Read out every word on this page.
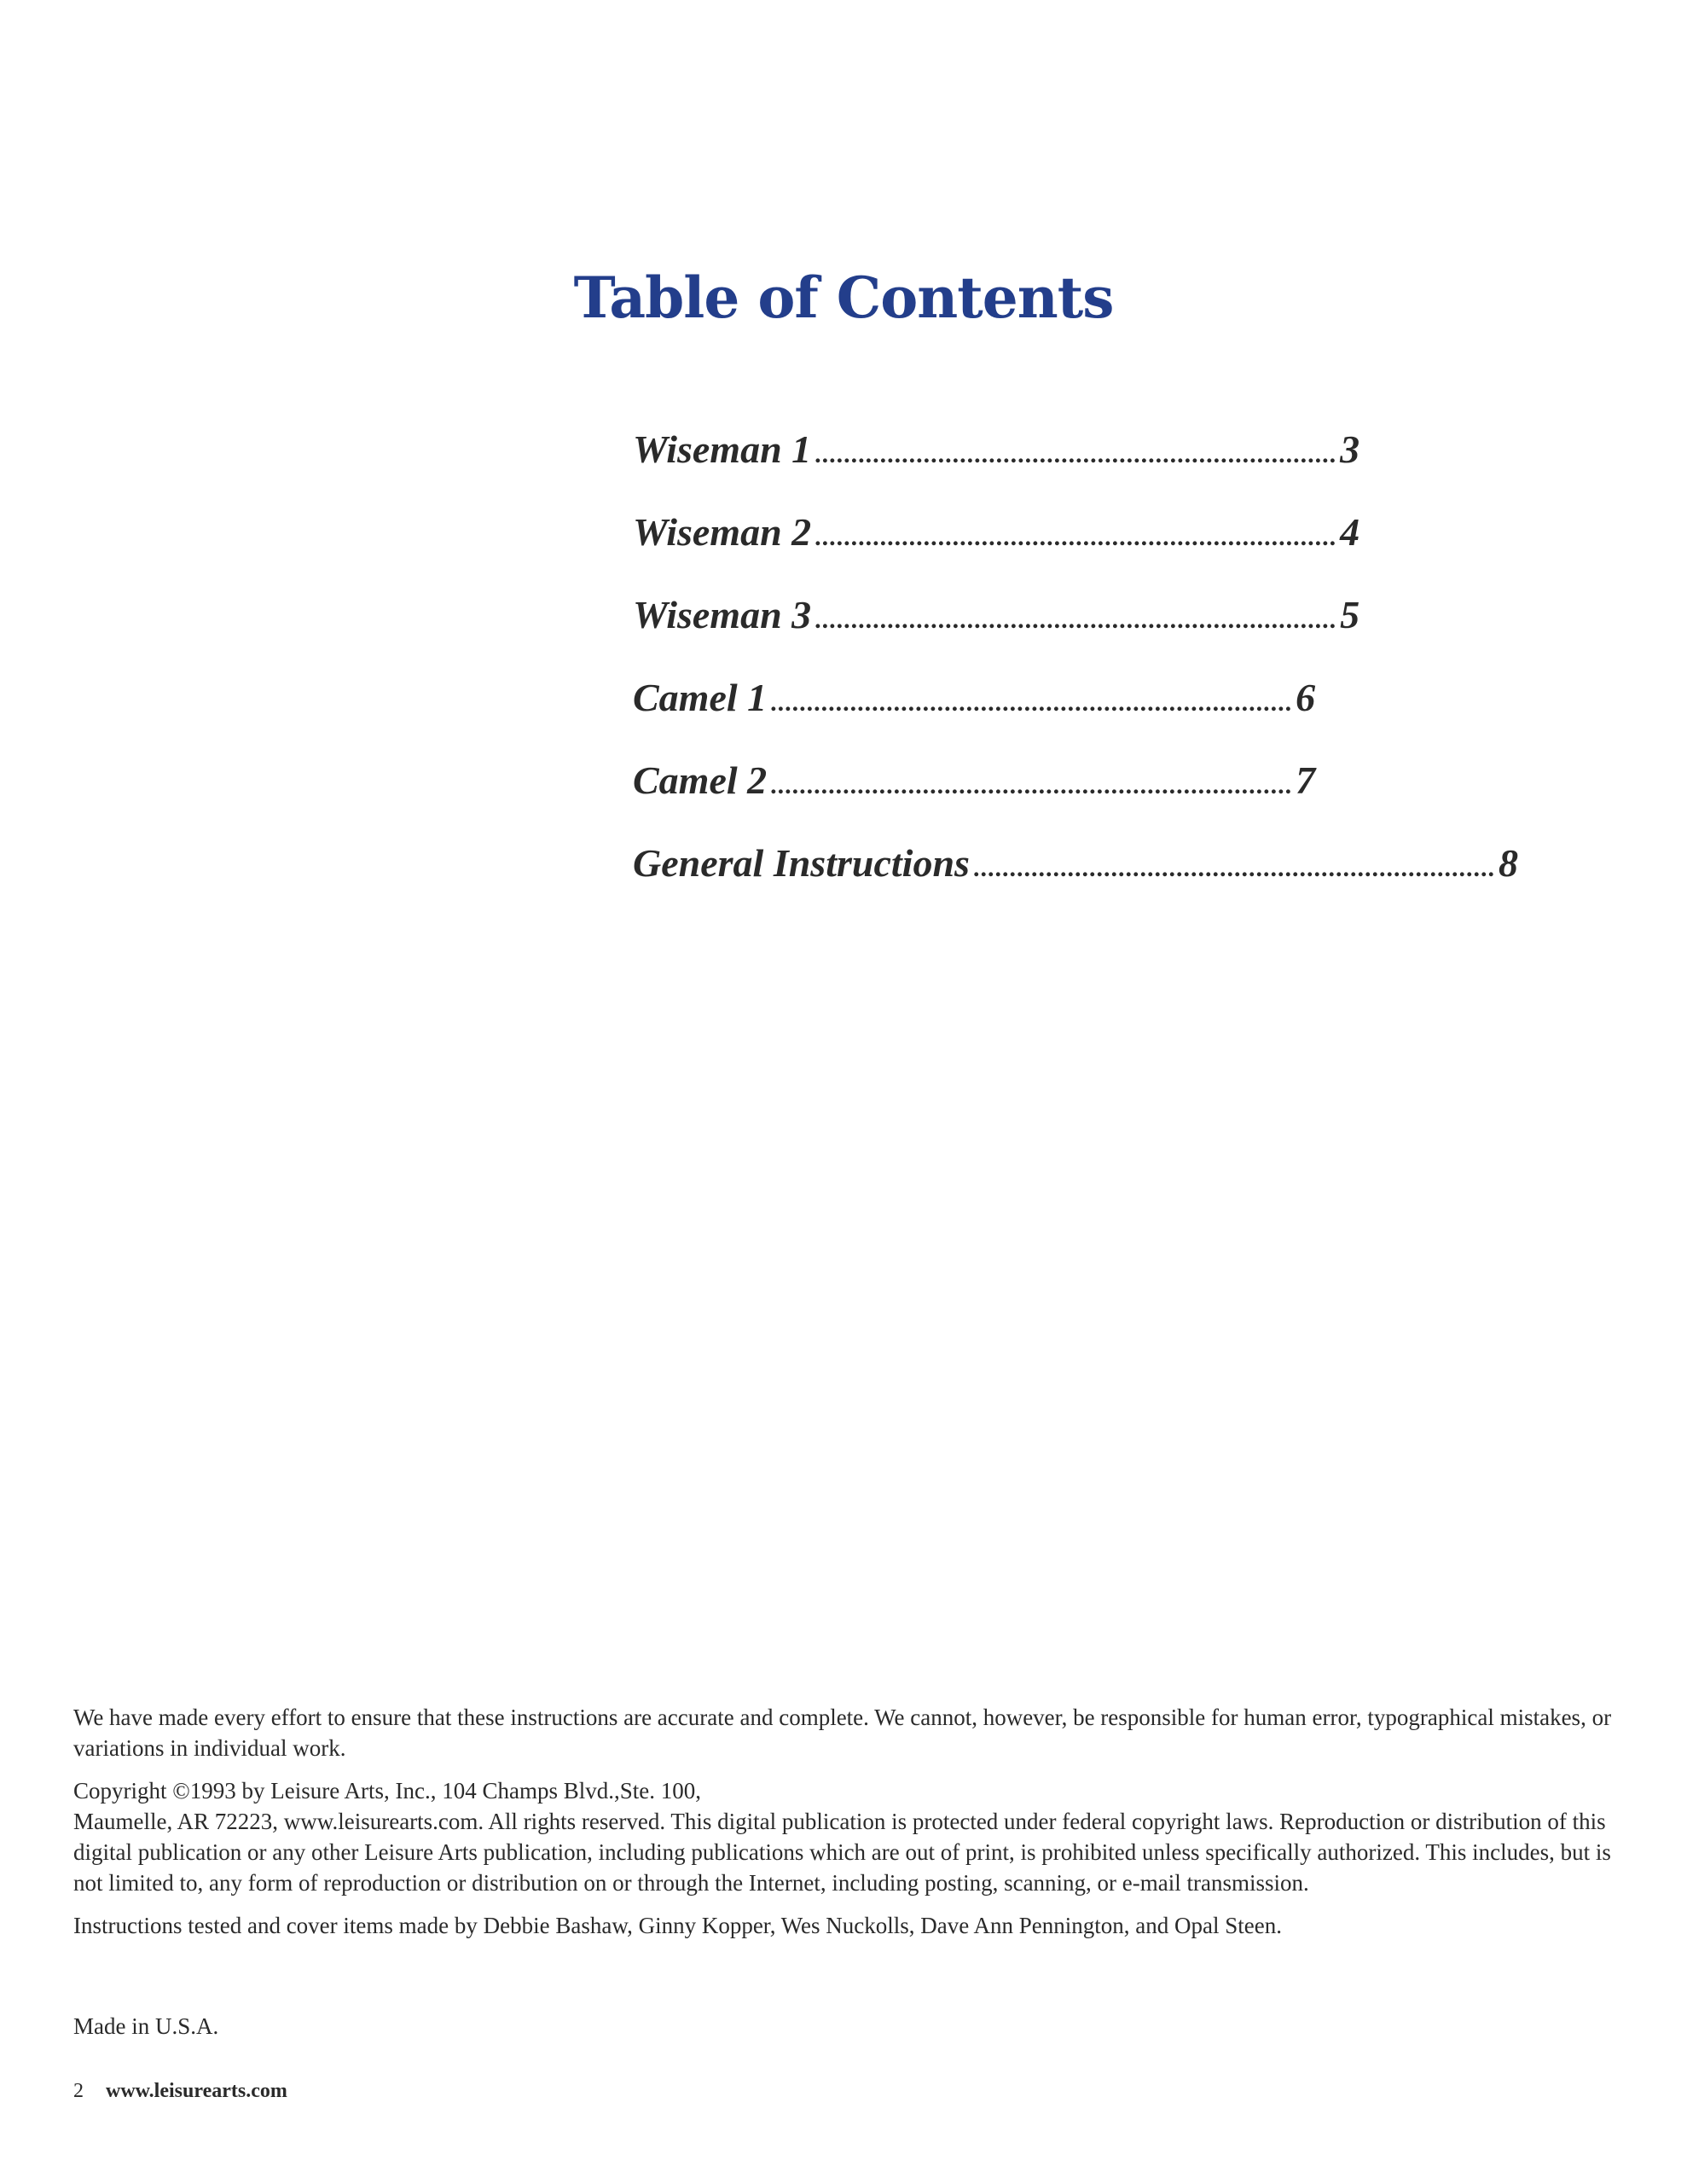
Table of Contents
Wiseman 1 ........................................................................ 3
Wiseman 2 ........................................................................ 4
Wiseman 3 ........................................................................ 5
Camel 1 ........................................................................ 6
Camel 2 ........................................................................ 7
General Instructions ........................................................................ 8

We have made every effort to ensure that these instructions are accurate and complete. We cannot, however, be responsible for human error, typographical mistakes, or variations in individual work.

Copyright ©1993 by Leisure Arts, Inc., 104 Champs Blvd.,Ste. 100,
Maumelle, AR 72223, www.leisurearts.com. All rights reserved. This digital publication is protected under federal copyright laws. Reproduction or distribution of this digital publication or any other Leisure Arts publication, including publications which are out of print, is prohibited unless specifically authorized. This includes, but is not limited to, any form of reproduction or distribution on or through the Internet, including posting, scanning, or e-mail transmission.

Instructions tested and cover items made by Debbie Bashaw, Ginny Kopper, Wes Nuckolls, Dave Ann Pennington, and Opal Steen.

Made in U.S.A.

2 www.leisurearts.com
